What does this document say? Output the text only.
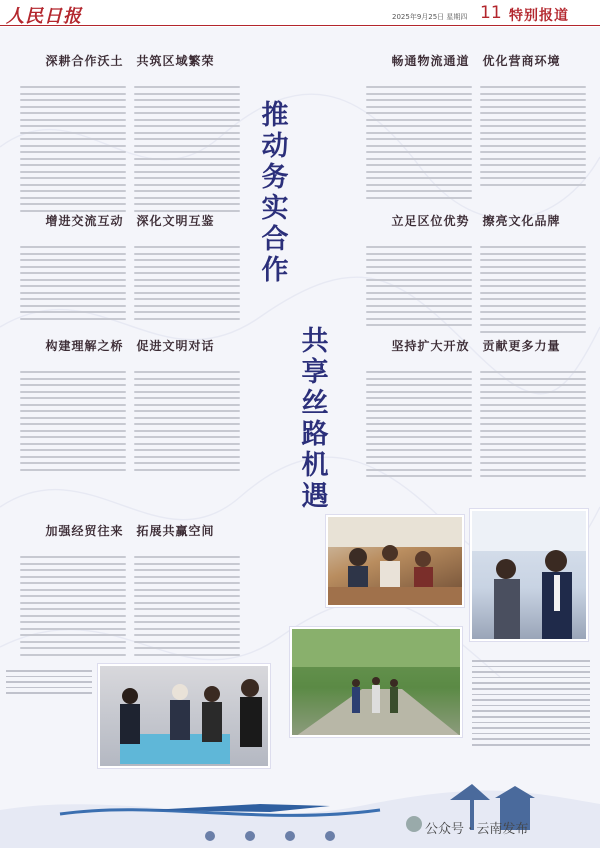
人民日报	2025年9月25日 星期四 11 特别报道
深耕合作沃土　共筑区域繁荣	畅通物流通道　优化营商环境
推
动
务
实
合
作
共
享
丝
路
机
遇
增进交流互动　深化文明互鉴	立足区位优势　擦亮文化品牌
构建理解之桥　促进文明对话	坚持扩大开放　贡献更多力量
加强经贸往来　拓展共赢空间
公众号 · 云南发布
